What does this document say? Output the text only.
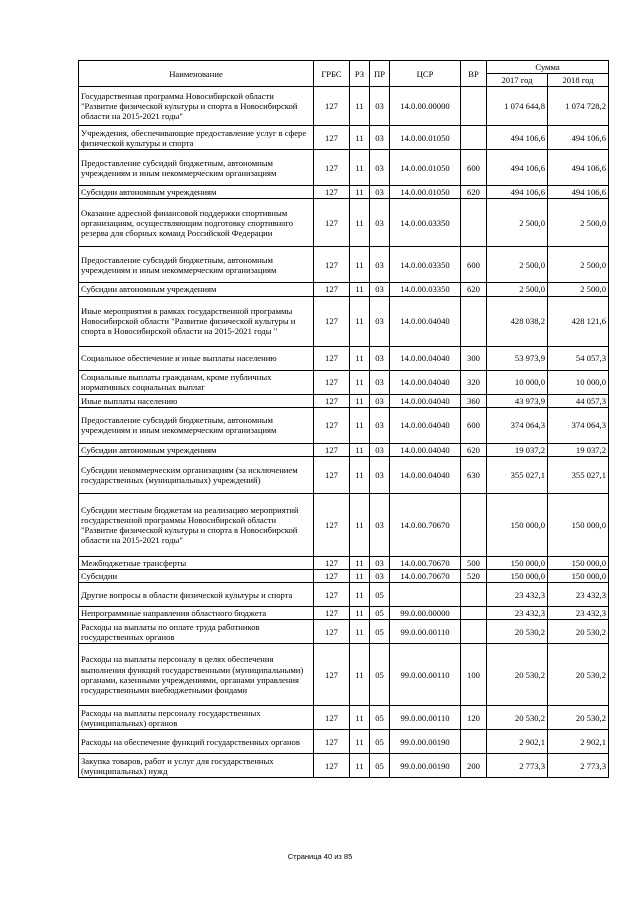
Наименование	ГРБС	РЗ	ПР	ЦСР	ВР	Сумма	
						2017 год	2018 год
Государственная программа Новосибирской области "Развитие физической культуры и спорта в Новосибирской области на 2015-2021 годы"	127	11	03	14.0.00.00000		1 074 644,8	1 074 728,2
Учреждения, обеспечивающие предоставление услуг в сфере физической культуры и спорта	127	11	03	14.0.00.01050		494 106,6	494 106,6
Предоставление субсидий бюджетным, автономным учреждениям и иным некоммерческим организациям	127	11	03	14.0.00.01050	600	494 106,6	494 106,6
Субсидии автономным учреждениям	127	11	03	14.0.00.01050	620	494 106,6	494 106,6
Оказание адресной финансовой поддержки спортивным организациям, осуществляющим подготовку спортивного резерва для сборных команд Российской Федерации	127	11	03	14.0.00.03350		2 500,0	2 500,0
Предоставление субсидий бюджетным, автономным учреждениям и иным некоммерческим организациям	127	11	03	14.0.00.03350	600	2 500,0	2 500,0
Субсидии автономным учреждениям	127	11	03	14.0.00.03350	620	2 500,0	2 500,0
Иные мероприятия в рамках государственной программы Новосибирской области "Развитие физической культуры и спорта в Новосибирской области на 2015-2021 годы "	127	11	03	14.0.00.04040		428 038,2	428 121,6
Социальное обеспечение и иные выплаты населению	127	11	03	14.0.00.04040	300	53 973,9	54 057,3
Социальные выплаты гражданам, кроме публичных нормативных социальных выплат	127	11	03	14.0.00.04040	320	10 000,0	10 000,0
Иные выплаты населению	127	11	03	14.0.00.04040	360	43 973,9	44 057,3
Предоставление субсидий бюджетным, автономным учреждениям и иным некоммерческим организациям	127	11	03	14.0.00.04040	600	374 064,3	374 064,3
Субсидии автономным учреждениям	127	11	03	14.0.00.04040	620	19 037,2	19 037,2
Субсидии некоммерческим организациям (за исключением государственных (муниципальных) учреждений)	127	11	03	14.0.00.04040	630	355 027,1	355 027,1
Субсидии местным бюджетам на реализацию мероприятий государственной программы Новосибирской области "Развитие физической культуры и спорта в Новосибирской области на 2015-2021 годы"	127	11	03	14.0.00.70670		150 000,0	150 000,0
Межбюджетные трансферты	127	11	03	14.0.00.70670	500	150 000,0	150 000,0
Субсидии	127	11	03	14.0.00.70670	520	150 000,0	150 000,0
Другие вопросы в области физической культуры и спорта	127	11	05			23 432,3	23 432,3
Непрограммные направления областного бюджета	127	11	05	99.0.00.00000		23 432,3	23 432,3
Расходы на выплаты по оплате труда работников государственных органов	127	11	05	99.0.00.00110		20 530,2	20 530,2
Расходы на выплаты персоналу в целях обеспечения выполнения функций государственными (муниципальными) органами, казенными учреждениями, органами управления государственными внебюджетными фондами	127	11	05	99.0.00.00110	100	20 530,2	20 530,2
Расходы на выплаты персоналу государственных (муниципальных) органов	127	11	05	99.0.00.00110	120	20 530,2	20 530,2
Расходы на обеспечение функций государственных органов	127	11	05	99.0.00.00190		2 902,1	2 902,1
Закупка товаров, работ и услуг для государственных (муниципальных) нужд	127	11	05	99.0.00.00190	200	2 773,3	2 773,3
Страница 40 из 85
